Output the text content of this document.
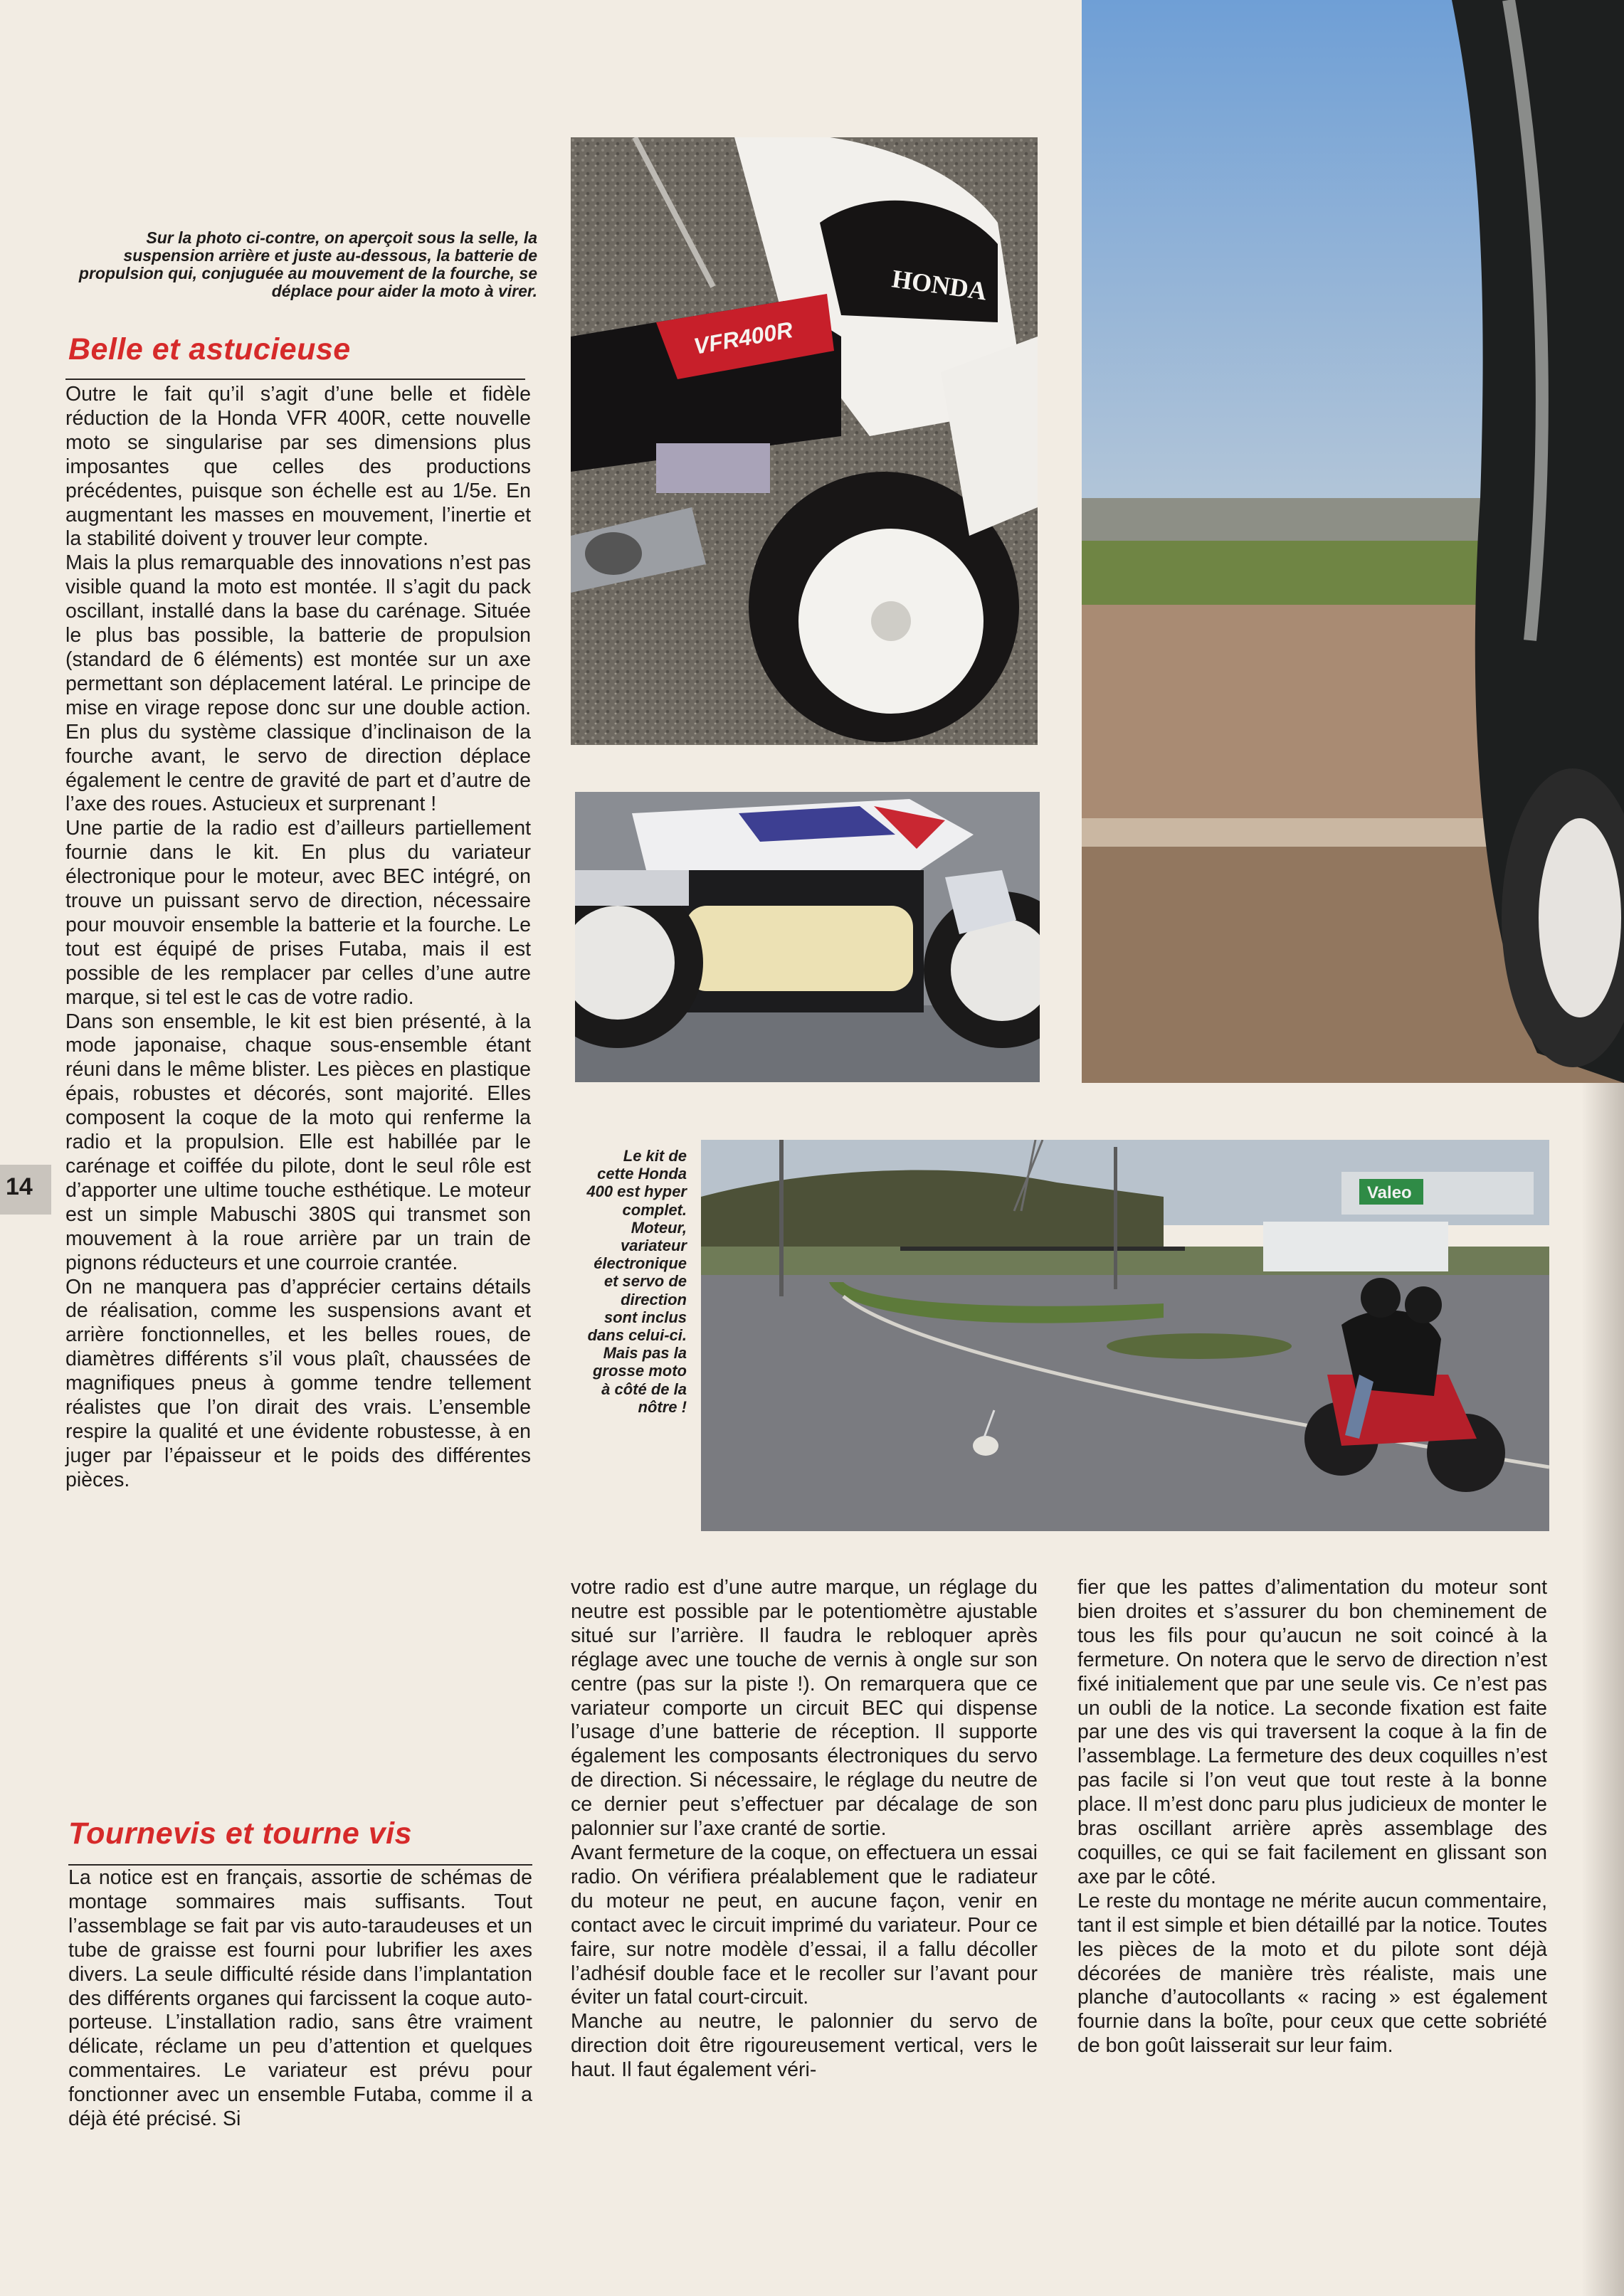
HONDA
VFR400R
Valeo
Sur la photo ci-contre, on aperçoit sous la selle, la suspension arrière et juste au-dessous, la batterie de propulsion qui, conjuguée au mouvement de la fourche, se déplace pour aider la moto à virer.
Belle et astucieuse

Outre le fait qu’il s’agit d’une belle et fidèle réduction de la Honda VFR 400R, cette nouvelle moto se singularise par ses dimensions plus imposantes que celles des productions précédentes, puisque son échelle est au 1/5e. En augmentant les masses en mouvement, l’inertie et la stabilité doivent y trouver leur compte.

Mais la plus remarquable des innovations n’est pas visible quand la moto est montée. Il s’agit du pack oscillant, installé dans la base du carénage. Située le plus bas possible, la batterie de propulsion (standard de 6 éléments) est montée sur un axe permettant son déplacement latéral. Le principe de mise en virage repose donc sur une double action. En plus du système classique d’inclinaison de la fourche avant, le servo de direction déplace également le centre de gravité de part et d’autre de l’axe des roues. Astucieux et surprenant !

Une partie de la radio est d’ailleurs partiellement fournie dans le kit. En plus du variateur électronique pour le moteur, avec BEC intégré, on trouve un puissant servo de direction, nécessaire pour mouvoir ensemble la batterie et la fourche. Le tout est équipé de prises Futaba, mais il est possible de les remplacer par celles d’une autre marque, si tel est le cas de votre radio.

Dans son ensemble, le kit est bien présenté, à la mode japonaise, chaque sous-ensemble étant réuni dans le même blister. Les pièces en plastique épais, robustes et décorés, sont majorité. Elles composent la coque de la moto qui renferme la radio et la propulsion. Elle est habillée par le carénage et coiffée du pilote, dont le seul rôle est d’apporter une ultime touche esthétique. Le moteur est un simple Mabuschi 380S qui transmet son mouvement à la roue arrière par un train de pignons réducteurs et une courroie crantée.

On ne manquera pas d’apprécier certains détails de réalisation, comme les suspensions avant et arrière fonctionnelles, et les belles roues, de diamètres différents s’il vous plaît, chaussées de magnifiques pneus à gomme tendre tellement réalistes que l’on dirait des vrais. L’ensemble respire la qualité et une évidente robustesse, à en juger par l’épaisseur et le poids des différentes pièces.

Le kit de cette Honda 400 est hyper complet. Moteur, variateur électronique et servo de direction sont inclus dans celui-ci. Mais pas la grosse moto à côté de la nôtre !
14
Tournevis et tourne vis

La notice est en français, assortie de schémas de montage sommaires mais suffisants. Tout l’assemblage se fait par vis auto-taraudeuses et un tube de graisse est fourni pour lubrifier les axes divers. La seule difficulté réside dans l’implantation des différents organes qui farcissent la coque auto-porteuse. L’installation radio, sans être vraiment délicate, réclame un peu d’attention et quelques commentaires. Le variateur est prévu pour fonctionner avec un ensemble Futaba, comme il a déjà été précisé. Si

votre radio est d’une autre marque, un réglage du neutre est possible par le potentiomètre ajustable situé sur l’arrière. Il faudra le rebloquer après réglage avec une touche de vernis à ongle sur son centre (pas sur la piste !). On remarquera que ce variateur comporte un circuit BEC qui dispense l’usage d’une batterie de réception. Il supporte également les composants électroniques du servo de direction. Si nécessaire, le réglage du neutre de ce dernier peut s’effectuer par décalage de son palonnier sur l’axe cranté de sortie.

Avant fermeture de la coque, on effectuera un essai radio. On vérifiera préalablement que le radiateur du moteur ne peut, en aucune façon, venir en contact avec le circuit imprimé du variateur. Pour ce faire, sur notre modèle d’essai, il a fallu décoller l’adhésif double face et le recoller sur l’avant pour éviter un fatal court-circuit.

Manche au neutre, le palonnier du servo de direction doit être rigoureusement vertical, vers le haut. Il faut également véri-

fier que les pattes d’alimentation du moteur sont bien droites et s’assurer du bon cheminement de tous les fils pour qu’aucun ne soit coincé à la fermeture. On notera que le servo de direction n’est fixé initialement que par une seule vis. Ce n’est pas un oubli de la notice. La seconde fixation est faite par une des vis qui traversent la coque à la fin de l’assemblage. La fermeture des deux coquilles n’est pas facile si l’on veut que tout reste à la bonne place. Il m’est donc paru plus judicieux de monter le bras oscillant arrière après assemblage des coquilles, ce qui se fait facilement en glissant son axe par le côté.

Le reste du montage ne mérite aucun commentaire, tant il est simple et bien détaillé par la notice. Toutes les pièces de la moto et du pilote sont déjà décorées de manière très réaliste, mais une planche d’autocollants « racing » est également fournie dans la boîte, pour ceux que cette sobriété de bon goût laisserait sur leur faim.
